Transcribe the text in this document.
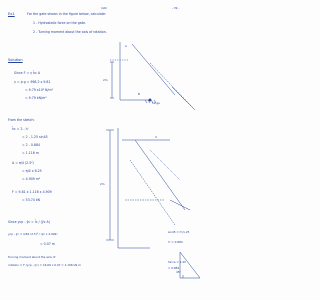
Ex1	For the gate shown in the figure below, calculate:
(A6)	- 39 -
1 - Hydrostatic force on the gate.
2 - Turning moment about the axis of rotation.
Solution
Since F = γ h̄c A
γ = ρ g = 998.2 x 9.81
= 9.79 x10³ N/m³
= 9.79 kN/m³
From the sketch:
h̄c = 2 - h'
= 2 - 1.25 sin45
= 2 - 0.884
= 1.116 m
A = π/4 (2.5²)
= π/4 x 6.25
= 4.909 m²
F = 9.81 x 1.116 x 4.909
= 53.74 kN
Since ycp - ȳc = Īc / (ȳc A)
ycp - ȳc = π/64 (2.5)⁴ / (ȳc x 4.909)
= 0.07 m
Turning moment about the axis of
rotation = F (ycp - ȳc) = 16.66 x 0.07 ≈ 1.166 kN.m
2m
hinge
B
A
2m
d
45°
sin45 = h'/1.25
h' = 0.884
Since = 1.25
= 0.884
